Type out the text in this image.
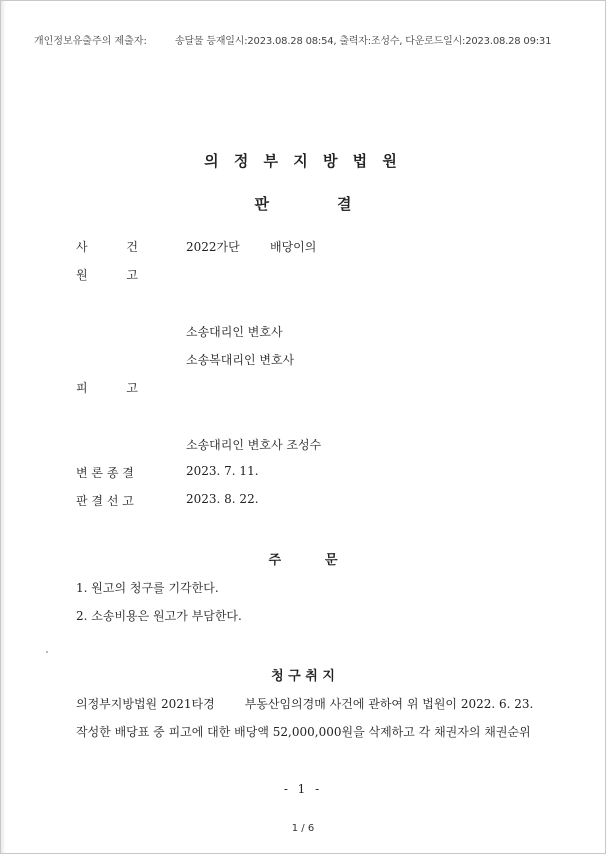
개인정보유출주의 제출자:	송달물 등재일시:2023.08.28 08:54, 출력자:조성수, 다운로드일시:2023.08.28 09:31
의 정 부 지 방 법 원
판	결
사	건	2022가단	배당이의
원	고
소송대리인 변호사
소송복대리인 변호사
피	고
소송대리인 변호사 조성수
변 론 종 결	2023. 7. 11.
판 결 선 고	2023. 8. 22.
주	문
1. 원고의 청구를 기각한다.
2. 소송비용은 원고가 부담한다.
청 구 취 지
의정부지방법원 2021타경	부동산임의경매 사건에 관하여 위 법원이 2022. 6. 23.
작성한 배당표 중 피고에 대한 배당액 52,000,000원을 삭제하고 각 채권자의 채권순위
- 1 -
1 / 6
